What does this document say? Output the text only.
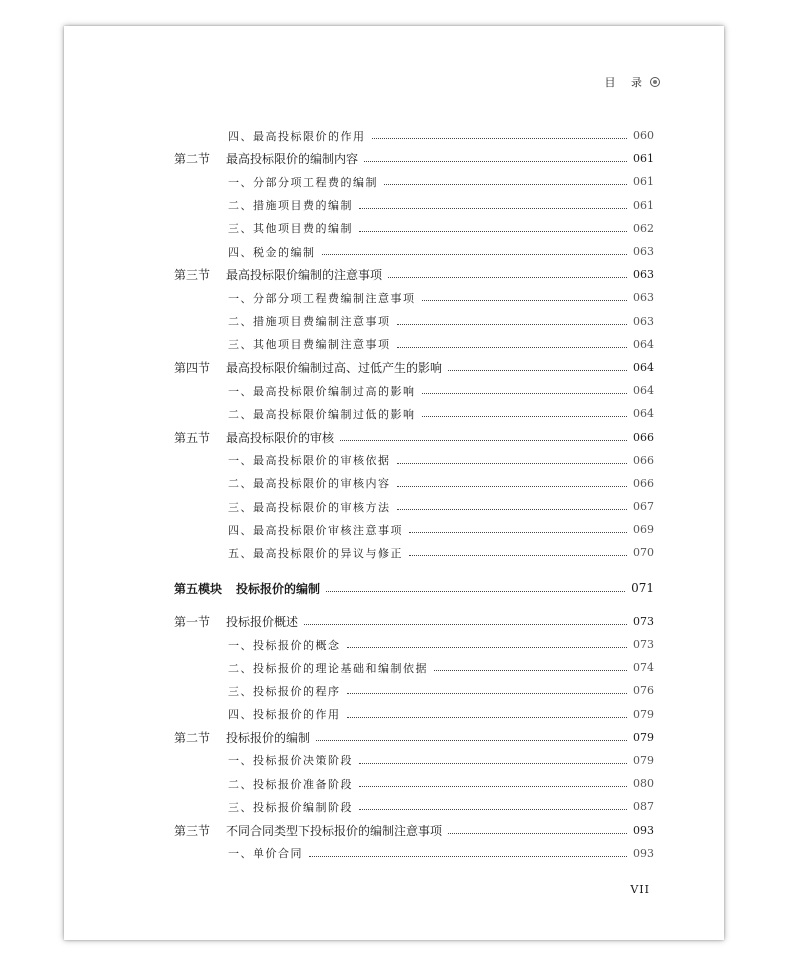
目 录
四、最高投标限价的作用	060
第二节	最高投标限价的编制内容	061
一、分部分项工程费的编制	061
二、措施项目费的编制	061
三、其他项目费的编制	062
四、税金的编制	063
第三节	最高投标限价编制的注意事项	063
一、分部分项工程费编制注意事项	063
二、措施项目费编制注意事项	063
三、其他项目费编制注意事项	064
第四节	最高投标限价编制过高、过低产生的影响	064
一、最高投标限价编制过高的影响	064
二、最高投标限价编制过低的影响	064
第五节	最高投标限价的审核	066
一、最高投标限价的审核依据	066
二、最高投标限价的审核内容	066
三、最高投标限价的审核方法	067
四、最高投标限价审核注意事项	069
五、最高投标限价的异议与修正	070
第五模块	投标报价的编制	071
第一节	投标报价概述	073
一、投标报价的概念	073
二、投标报价的理论基础和编制依据	074
三、投标报价的程序	076
四、投标报价的作用	079
第二节	投标报价的编制	079
一、投标报价决策阶段	079
二、投标报价准备阶段	080
三、投标报价编制阶段	087
第三节	不同合同类型下投标报价的编制注意事项	093
一、单价合同	093
VII
